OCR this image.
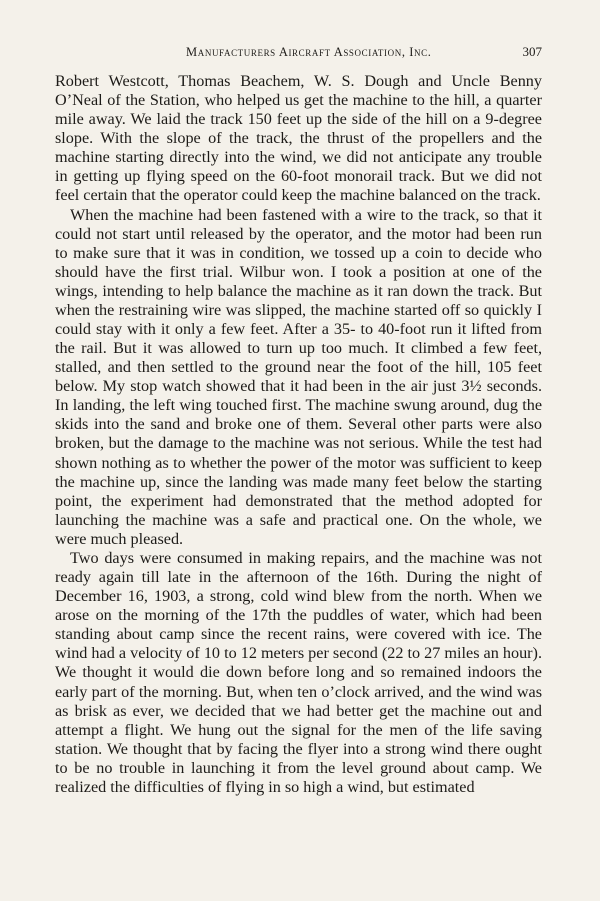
Manufacturers Aircraft Association, Inc.	307

Robert Westcott, Thomas Beachem, W. S. Dough and Uncle Benny O’Neal of the Station, who helped us get the machine to the hill, a quarter mile away. We laid the track 150 feet up the side of the hill on a 9-degree slope. With the slope of the track, the thrust of the propellers and the machine starting directly into the wind, we did not anticipate any trouble in getting up flying speed on the 60-foot monorail track. But we did not feel certain that the operator could keep the machine balanced on the track.

When the machine had been fastened with a wire to the track, so that it could not start until released by the operator, and the motor had been run to make sure that it was in condition, we tossed up a coin to decide who should have the first trial. Wilbur won. I took a position at one of the wings, intending to help balance the machine as it ran down the track. But when the restraining wire was slipped, the machine started off so quickly I could stay with it only a few feet. After a 35- to 40-foot run it lifted from the rail. But it was allowed to turn up too much. It climbed a few feet, stalled, and then settled to the ground near the foot of the hill, 105 feet below. My stop watch showed that it had been in the air just 3½ seconds. In landing, the left wing touched first. The machine swung around, dug the skids into the sand and broke one of them. Several other parts were also broken, but the damage to the machine was not serious. While the test had shown nothing as to whether the power of the motor was sufficient to keep the machine up, since the landing was made many feet below the starting point, the experiment had demonstrated that the method adopted for launching the machine was a safe and practical one. On the whole, we were much pleased.

Two days were consumed in making repairs, and the machine was not ready again till late in the afternoon of the 16th. During the night of December 16, 1903, a strong, cold wind blew from the north. When we arose on the morning of the 17th the puddles of water, which had been standing about camp since the recent rains, were covered with ice. The wind had a velocity of 10 to 12 meters per second (22 to 27 miles an hour). We thought it would die down before long and so remained indoors the early part of the morning. But, when ten o’clock arrived, and the wind was as brisk as ever, we decided that we had better get the machine out and attempt a flight. We hung out the signal for the men of the life saving station. We thought that by facing the flyer into a strong wind there ought to be no trouble in launching it from the level ground about camp. We realized the difficulties of flying in so high a wind, but estimated
